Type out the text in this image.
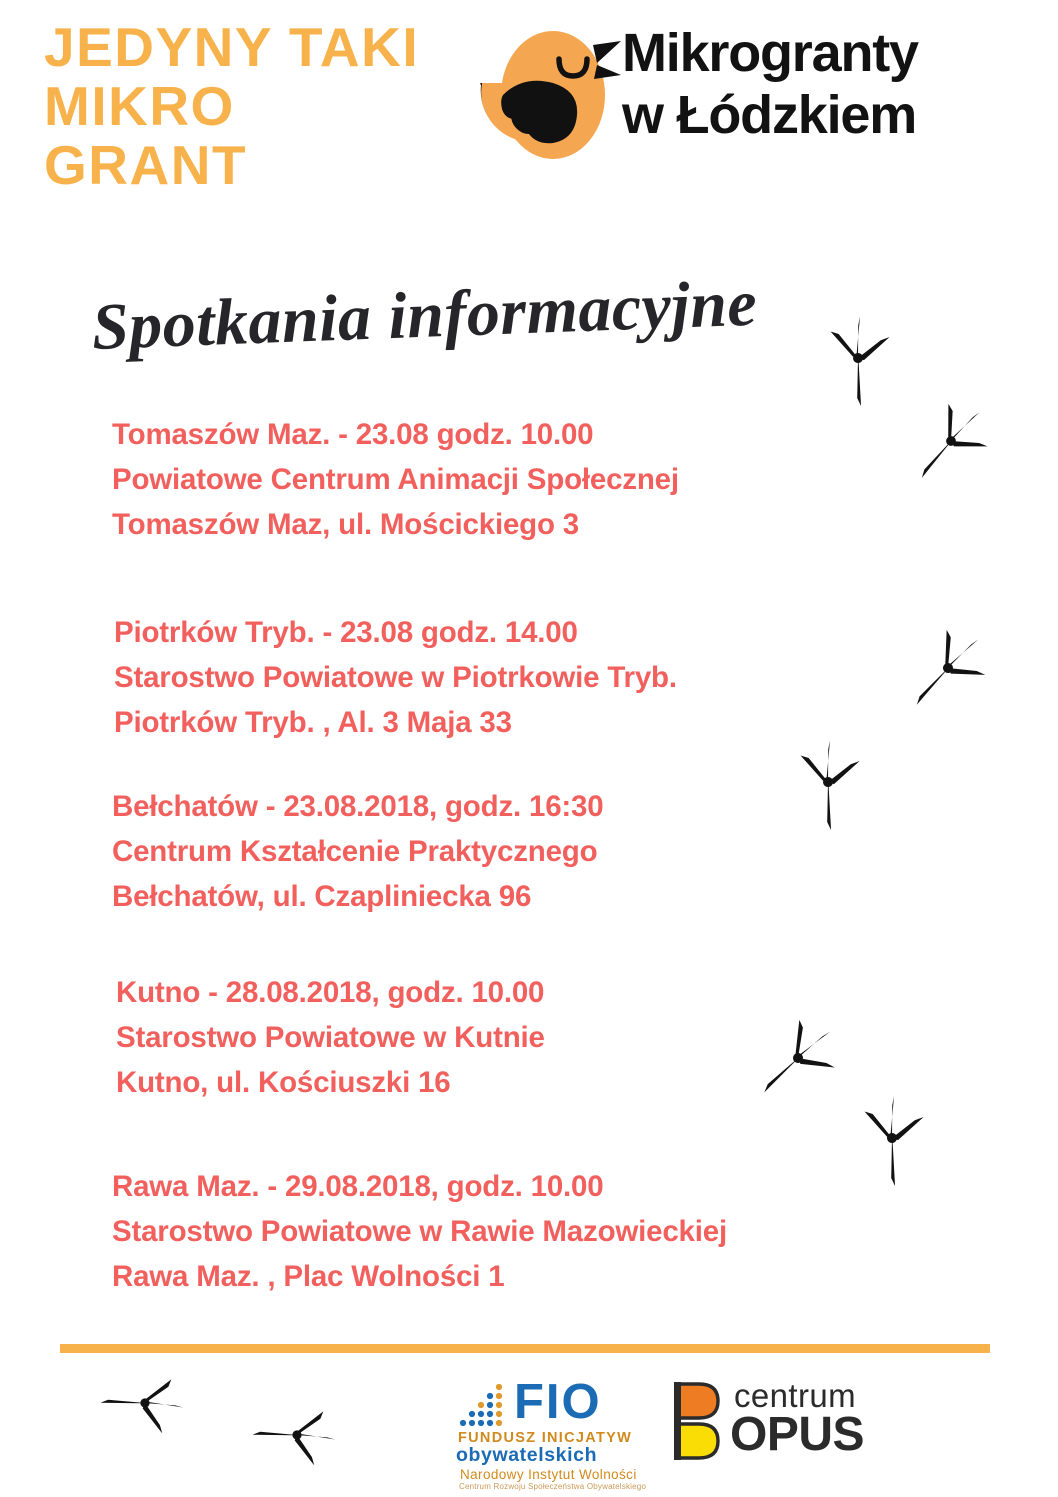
JEDYNY TAKI
MIKRO
GRANT
Mikrogranty
w Łódzkiem
Spotkania informacyjne
Tomaszów Maz. - 23.08 godz. 10.00
Powiatowe Centrum Animacji Społecznej
Tomaszów Maz, ul. Mościckiego 3
Piotrków Tryb. - 23.08 godz. 14.00
Starostwo Powiatowe w Piotrkowie Tryb.
Piotrków Tryb. , Al. 3 Maja 33
Bełchatów - 23.08.2018, godz. 16:30
Centrum Kształcenie Praktycznego
Bełchatów, ul. Czapliniecka 96
Kutno - 28.08.2018, godz. 10.00
Starostwo Powiatowe w Kutnie
Kutno, ul. Kościuszki 16
Rawa Maz. - 29.08.2018, godz. 10.00
Starostwo Powiatowe w Rawie Mazowieckiej
Rawa Maz. , Plac Wolności 1
FIO
FUNDUSZ INICJATYW
obywatelskich
Narodowy Instytut Wolności
Centrum Rozwoju Społeczeństwa Obywatelskiego
centrum
OPUS
